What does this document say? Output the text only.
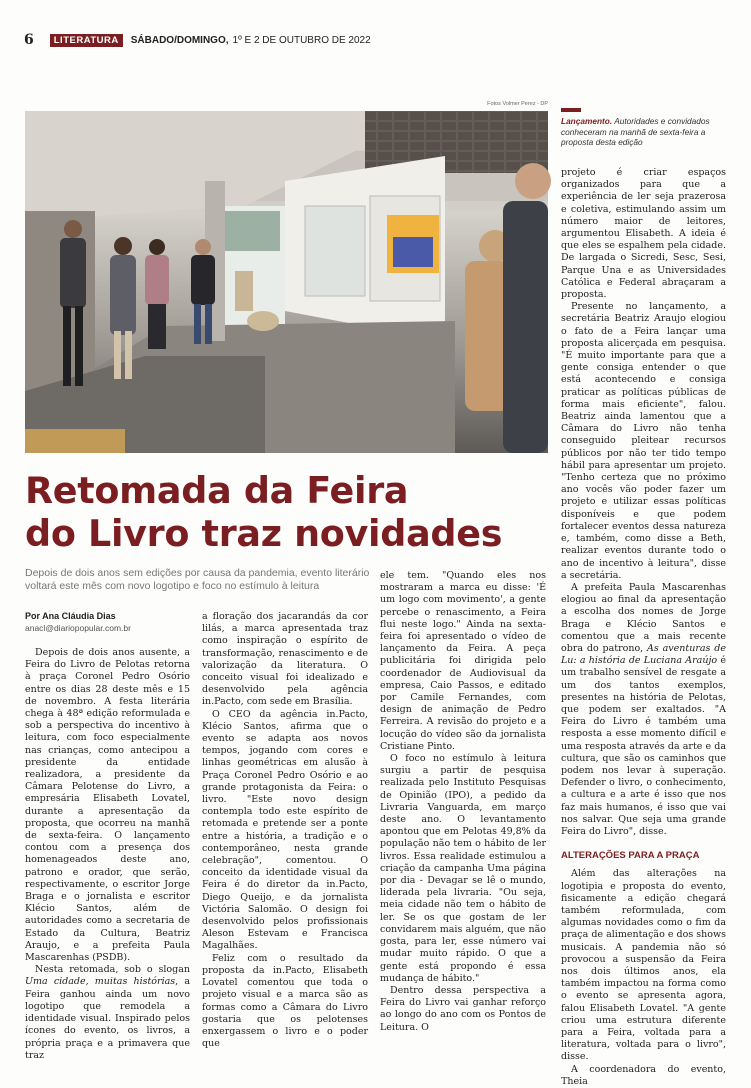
6	LITERATURA	SÁBADO/DOMINGO, 1º E 2 DE OUTUBRO DE 2022
Fotos Volmer Perez - DP
Lançamento. Autoridades e convidados conheceram na manhã de sexta-feira a proposta desta edição
Retomada da Feira
do Livro traz novidades
Depois de dois anos sem edições por causa da pandemia, evento literário voltará este mês com novo logotipo e foco no estímulo à leitura
Por Ana Cláudia Dias
anacl@diariopopular.com.br

Depois de dois anos ausente, a Feira do Livro de Pelotas retorna à praça Coronel Pedro Osório entre os dias 28 deste mês e 15 de novembro. A festa literária chega à 48ª edição reformulada e sob a perspectiva do incentivo à leitura, com foco especialmente nas crianças, como antecipou a presidente da entidade realizadora, a presidente da Câmara Pelotense do Livro, a empresária Elisabeth Lovatel, durante a apresentação da proposta, que ocorreu na manhã de sexta-feira. O lançamento contou com a presença dos homenageados deste ano, patrono e orador, que serão, respectivamente, o escritor Jorge Braga e o jornalista e escritor Klécio Santos, além de autoridades como a secretaria de Estado da Cultura, Beatriz Araujo, e a prefeita Paula Mascarenhas (PSDB).

Nesta retomada, sob o slogan Uma cidade, muitas histórias, a Feira ganhou ainda um novo logotipo que remodela a identidade visual. Inspirado pelos ícones do evento, os livros, a própria praça e a primavera que traz

a floração dos jacarandás da cor lilás, a marca apresentada traz como inspiração o espírito de transformação, renascimento e de valorização da literatura. O conceito visual foi idealizado e desenvolvido pela agência in.Pacto, com sede em Brasília.

O CEO da agência in.Pacto, Klécio Santos, afirma que o evento se adapta aos novos tempos, jogando com cores e linhas geométricas em alusão à Praça Coronel Pedro Osório e ao grande protagonista da Feira: o livro. "Este novo design contempla todo este espírito de retomada e pretende ser a ponte entre a história, a tradição e o contemporâneo, nesta grande celebração", comentou. O conceito da identidade visual da Feira é do diretor da in.Pacto, Diego Queijo, e da jornalista Victória Salomão. O design foi desenvolvido pelos profissionais Aleson Estevam e Francisca Magalhães.

Feliz com o resultado da proposta da in.Pacto, Elisabeth Lovatel comentou que toda o projeto visual e a marca são as formas como a Câmara do Livro gostaria que os pelotenses enxergassem o livro e o poder que

ele tem. "Quando eles nos mostraram a marca eu disse: 'É um logo com movimento', a gente percebe o renascimento, a Feira flui neste logo." Ainda na sexta-feira foi apresentado o vídeo de lançamento da Feira. A peça publicitária foi dirigida pelo coordenador de Audiovisual da empresa, Caio Passos, e editado por Camile Fernandes, com design de animação de Pedro Ferreira. A revisão do projeto e a locução do vídeo são da jornalista Cristiane Pinto.

O foco no estímulo à leitura surgiu a partir de pesquisa realizada pelo Instituto Pesquisas de Opinião (IPO), a pedido da Livraria Vanguarda, em março deste ano. O levantamento apontou que em Pelotas 49,8% da população não tem o hábito de ler livros. Essa realidade estimulou a criação da campanha Uma página por dia - Devagar se lê o mundo, liderada pela livraria. "Ou seja, meia cidade não tem o hábito de ler. Se os que gostam de ler convidarem mais alguém, que não gosta, para ler, esse número vai mudar muito rápido. O que a gente está propondo é essa mudança de hábito."

Dentro dessa perspectiva a Feira do Livro vai ganhar reforço ao longo do ano com os Pontos de Leitura. O

projeto é criar espaços organizados para que a experiência de ler seja prazerosa e coletiva, estimulando assim um número maior de leitores, argumentou Elisabeth. A ideia é que eles se espalhem pela cidade. De largada o Sicredi, Sesc, Sesi, Parque Una e as Universidades Católica e Federal abraçaram a proposta.

Presente no lançamento, a secretária Beatriz Araujo elogiou o fato de a Feira lançar uma proposta alicerçada em pesquisa. "É muito importante para que a gente consiga entender o que está acontecendo e consiga praticar as políticas públicas de forma mais eficiente", falou. Beatriz ainda lamentou que a Câmara do Livro não tenha conseguido pleitear recursos públicos por não ter tido tempo hábil para apresentar um projeto. "Tenho certeza que no próximo ano vocês vão poder fazer um projeto e utilizar essas políticas disponíveis e que podem fortalecer eventos dessa natureza e, também, como disse a Beth, realizar eventos durante todo o ano de incentivo à leitura", disse a secretária.

A prefeita Paula Mascarenhas elogiou ao final da apresentação a escolha dos nomes de Jorge Braga e Klécio Santos e comentou que a mais recente obra do patrono, As aventuras de Lu: a história de Luciana Araújo é um trabalho sensível de resgate a um dos tantos exemplos, presentes na história de Pelotas, que podem ser exaltados. "A Feira do Livro é também uma resposta a esse momento difícil e uma resposta através da arte e da cultura, que são os caminhos que podem nos levar à superação. Defender o livro, o conhecimento, a cultura e a arte é isso que nos faz mais humanos, é isso que vai nos salvar. Que seja uma grande Feira do Livro", disse.

ALTERAÇÕES PARA A PRAÇA

Além das alterações na logotipia e proposta do evento, fisicamente a edição chegará também reformulada, com algumas novidades como o fim da praça de alimentação e dos shows musicais. A pandemia não só provocou a suspensão da Feira nos dois últimos anos, ela também impactou na forma como o evento se apresenta agora, falou Elisabeth Lovatel. "A gente criou uma estrutura diferente para a Feira, voltada para a literatura, voltada para o livro", disse.

A coordenadora do evento, Theia
